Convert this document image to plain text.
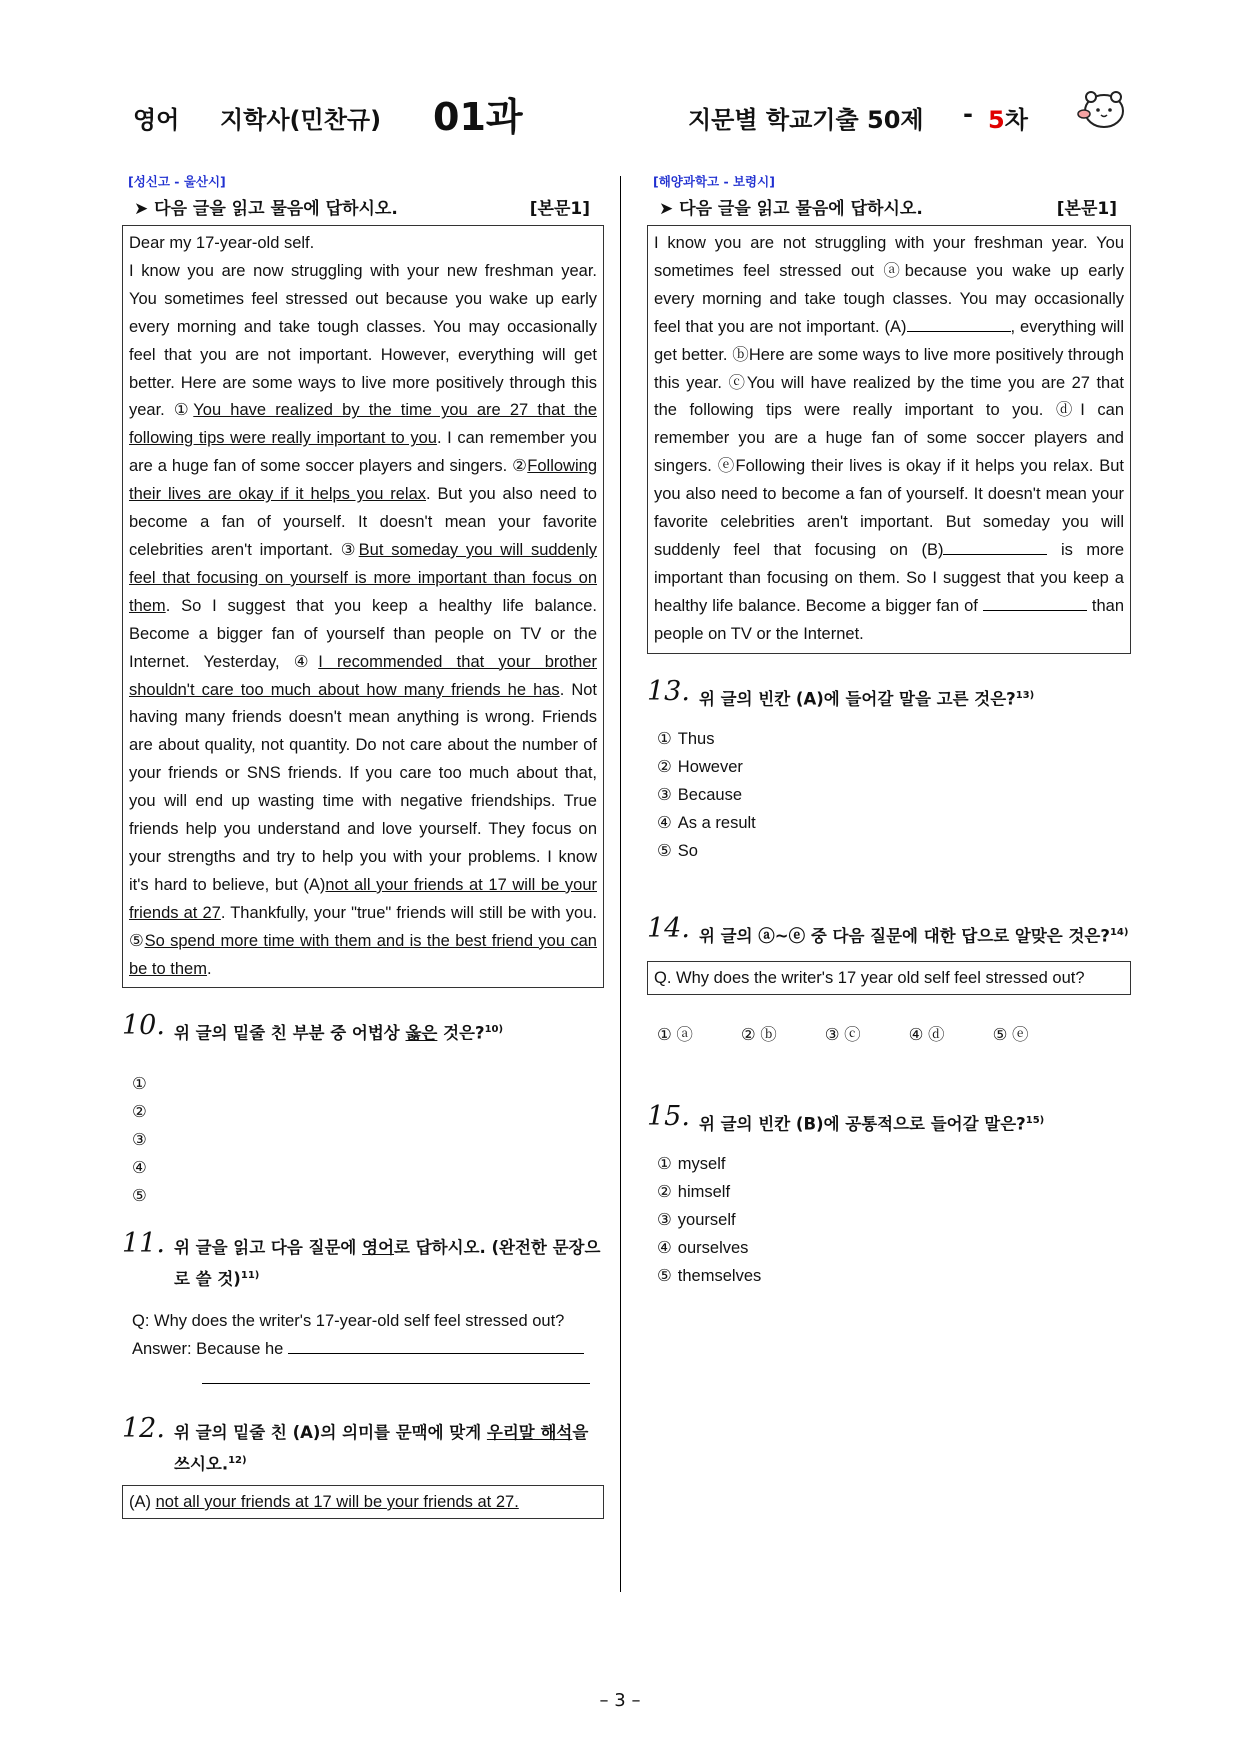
영어 지학사(민찬규) 01과	지문별 학교기출 50제 - 5차
[성신고 - 울산시]
➤ 다음 글을 읽고 물음에 답하시오.	[본문1]

Dear my 17-year-old self.

I know you are now struggling with your new freshman year. You sometimes feel stressed out because you wake up early every morning and take tough classes. You may occasionally feel that you are not important. However, everything will get better. Here are some ways to live more positively through this year. ①You have realized by the time you are 27 that the following tips were really important to you. I can remember you are a huge fan of some soccer players and singers. ②Following their lives are okay if it helps you relax. But you also need to become a fan of yourself. It doesn't mean your favorite celebrities aren't important. ③But someday you will suddenly feel that focusing on yourself is more important than focus on them. So I suggest that you keep a healthy life balance. Become a bigger fan of yourself than people on TV or the Internet. Yesterday, ④I recommended that your brother shouldn't care too much about how many friends he has. Not having many friends doesn't mean anything is wrong. Friends are about quality, not quantity. Do not care about the number of your friends or SNS friends. If you care too much about that, you will end up wasting time with negative friendships. True friends help you understand and love yourself. They focus on your strengths and try to help you with your problems. I know it's hard to believe, but (A)not all your friends at 17 will be your friends at 27. Thankfully, your "true" friends will still be with you. ⑤So spend more time with them and is the best friend you can be to them.

10. 위 글의 밑줄 친 부분 중 어법상 옳은 것은?$^{10)}$
①
②
③
④
⑤
11. 위 글을 읽고 다음 질문에 영어로 답하시오. (완전한 문장으로 쓸 것)$^{11)}$
Q: Why does the writer's 17-year-old self feel stressed out?
Answer: Because he
12. 위 글의 밑줄 친 (A)의 의미를 문맥에 맞게 우리말 해석을 쓰시오.$^{12)}$
(A) not all your friends at 17 will be your friends at 27.
[해양과학고 - 보령시]
➤ 다음 글을 읽고 물음에 답하시오.	[본문1]

I know you are not struggling with your freshman year. You sometimes feel stressed out ⓐbecause you wake up early every morning and take tough classes. You may occasionally feel that you are not important. (A)	, everything will get better. ⓑHere are some ways to live more positively through this year. ⓒYou will have realized by the time you are 27 that the following tips were really important to you. ⓓI can remember you are a huge fan of some soccer players and singers. ⓔFollowing their lives is okay if it helps you relax. But you also need to become a fan of yourself. It doesn't mean your favorite celebrities aren't important. But someday you will suddenly feel that focusing on (B)	is more important than focusing on them. So I suggest that you keep a healthy life balance. Become a bigger fan of	than people on TV or the Internet.

13. 위 글의 빈칸 (A)에 들어갈 말을 고른 것은?$^{13)}$
① Thus
② However
③ Because
④ As a result
⑤ So
14. 위 글의 ⓐ~ⓔ 중 다음 질문에 대한 답으로 알맞은 것은?$^{14)}$
Q. Why does the writer's 17 year old self feel stressed out?
① ⓐ	② ⓑ	③ ⓒ	④ ⓓ	⑤ ⓔ
15. 위 글의 빈칸 (B)에 공통적으로 들어갈 말은?$^{15)}$
① myself
② himself
③ yourself
④ ourselves
⑤ themselves
– 3 –
